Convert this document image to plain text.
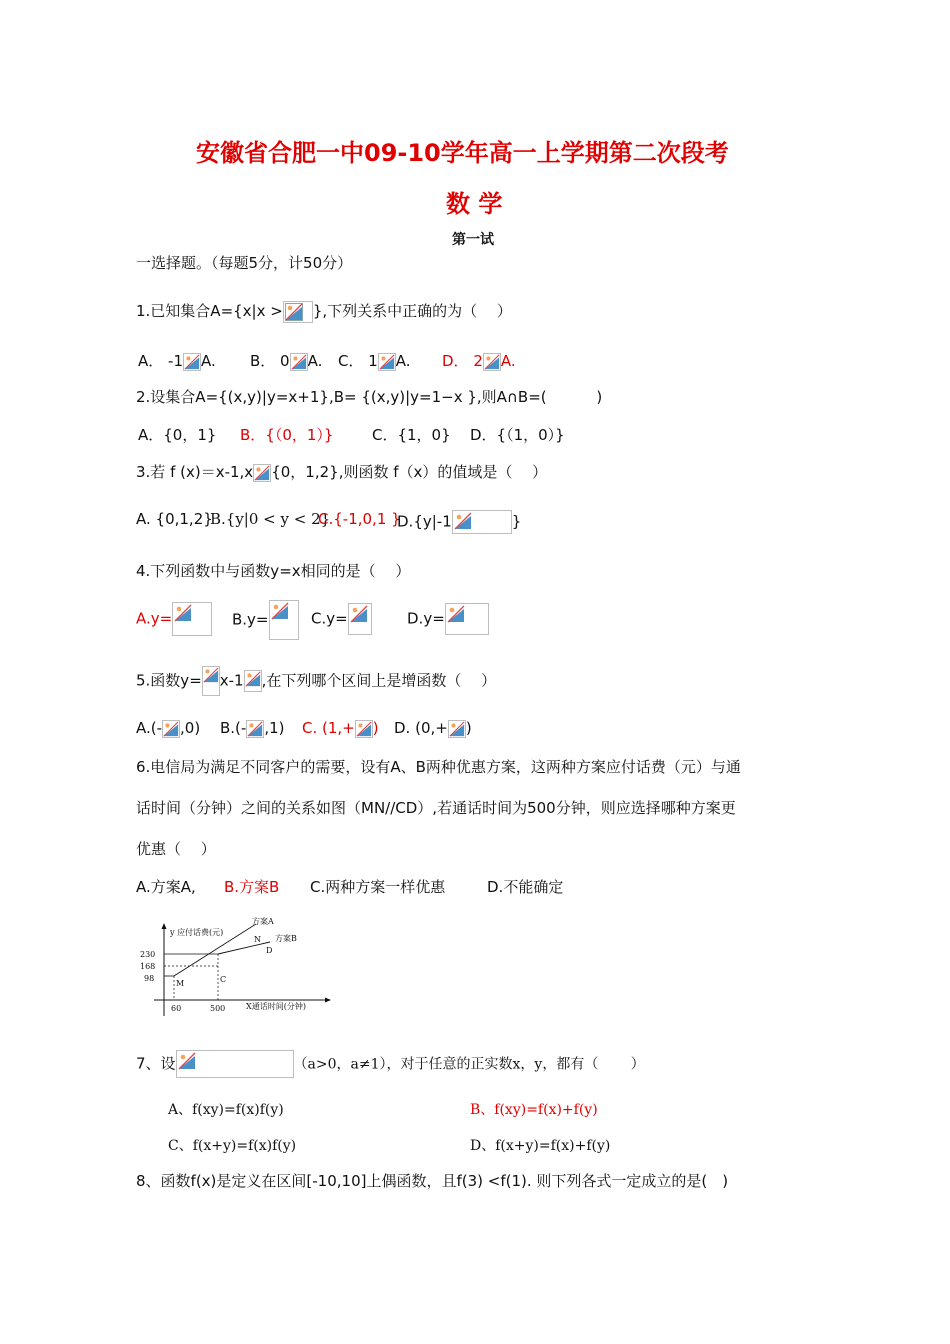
安徽省合肥一中09-10学年高一上学期第二次段考
数 学
第一试
一选择题。（每题5分，计50分）
1.已知集合A={x|x > },下列关系中正确的为（　 ）
A． -1 A. B． 0 A. C． 1 A. D． 2 A.
2.设集合A={(x,y)|y=x+1},B= {(x,y)|y=1−x },则A∩B=(　　　 )
A．{0，1} B．{（0，1）}	C．{1，0} D．{（1，0）}
3.若 f (x)＝x-1,x {0，1,2},则函数 f（x）的值域是（　 ）
A. {0,1,2}
B.{y|0 < y < 2}
C.{-1,0,1 }
D.{y|-1	}
4.下列函数中与函数y=x相同的是（　 ）
A.y=	B.y=	C.y=	D.y=
5.函数y= x-1 ,在下列哪个区间上是增函数（　 ）
A.(- ,0) B.(- ,1) C. (1,+ ) D. (0,+ )
6.电信局为满足不同客户的需要，设有A、B两种优惠方案，这两种方案应付话费（元）与通
话时间（分钟）之间的关系如图（MN//CD）,若通话时间为500分钟，则应选择哪种方案更
优惠（　 ）
A.方案A, B.方案B C.两种方案一样优惠	D.不能确定
y 应付话费(元)
X通话时间(分钟)
230
168
98
60	500
方案A
方案B
N
D
M	C
7、设	（a>0，a≠1），对于任意的正实数x，y，都有（　　 ）
A、f(xy)=f(x)f(y)	B、f(xy)=f(x)+f(y)
C、f(x+y)=f(x)f(y)	D、f(x+y)=f(x)+f(y)
8、函数f(x)是定义在区间[-10,10]上偶函数，且f(3) <f(1). 则下列各式一定成立的是(　)
